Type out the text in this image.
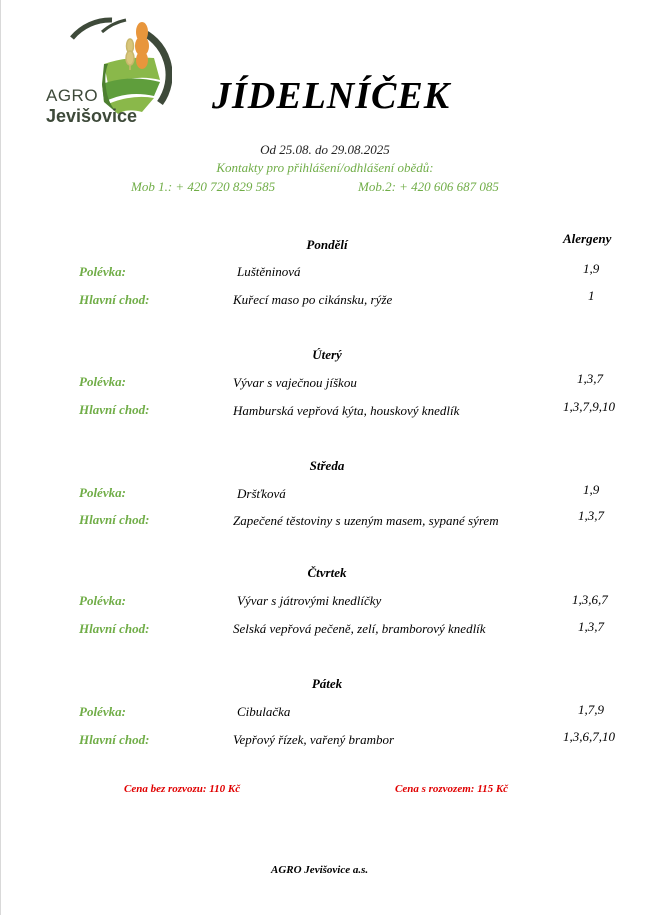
AGRO
Jevišovice JÍDELNÍČEK
Od 25.08. do 29.08.2025
Kontakty pro přihlášení/odhlášení obědů:
Mob 1.: + 420 720 829 585	Mob.2: + 420 606 687 085
Alergeny
Pondělí
Polévka:	Luštěninová	1,9
Hlavní chod:	Kuřecí maso po cikánsku, rýže	1
Úterý
Polévka:	Vývar s vaječnou jíškou	1,3,7
Hlavní chod:	Hamburská vepřová kýta, houskový knedlík	1,3,7,9,10
Středa
Polévka:	Dršťková	1,9
Hlavní chod:	Zapečené těstoviny s uzeným masem, sypané sýrem	1,3,7
Čtvrtek
Polévka:	Vývar s játrovými knedlíčky	1,3,6,7
Hlavní chod:	Selská vepřová pečeně, zelí, bramborový knedlík	1,3,7
Pátek
Polévka:	Cibulačka	1,7,9
Hlavní chod:	Vepřový řízek, vařený brambor	1,3,6,7,10
Cena bez rozvozu: 110 Kč	Cena s rozvozem: 115 Kč
AGRO Jevišovice a.s.
